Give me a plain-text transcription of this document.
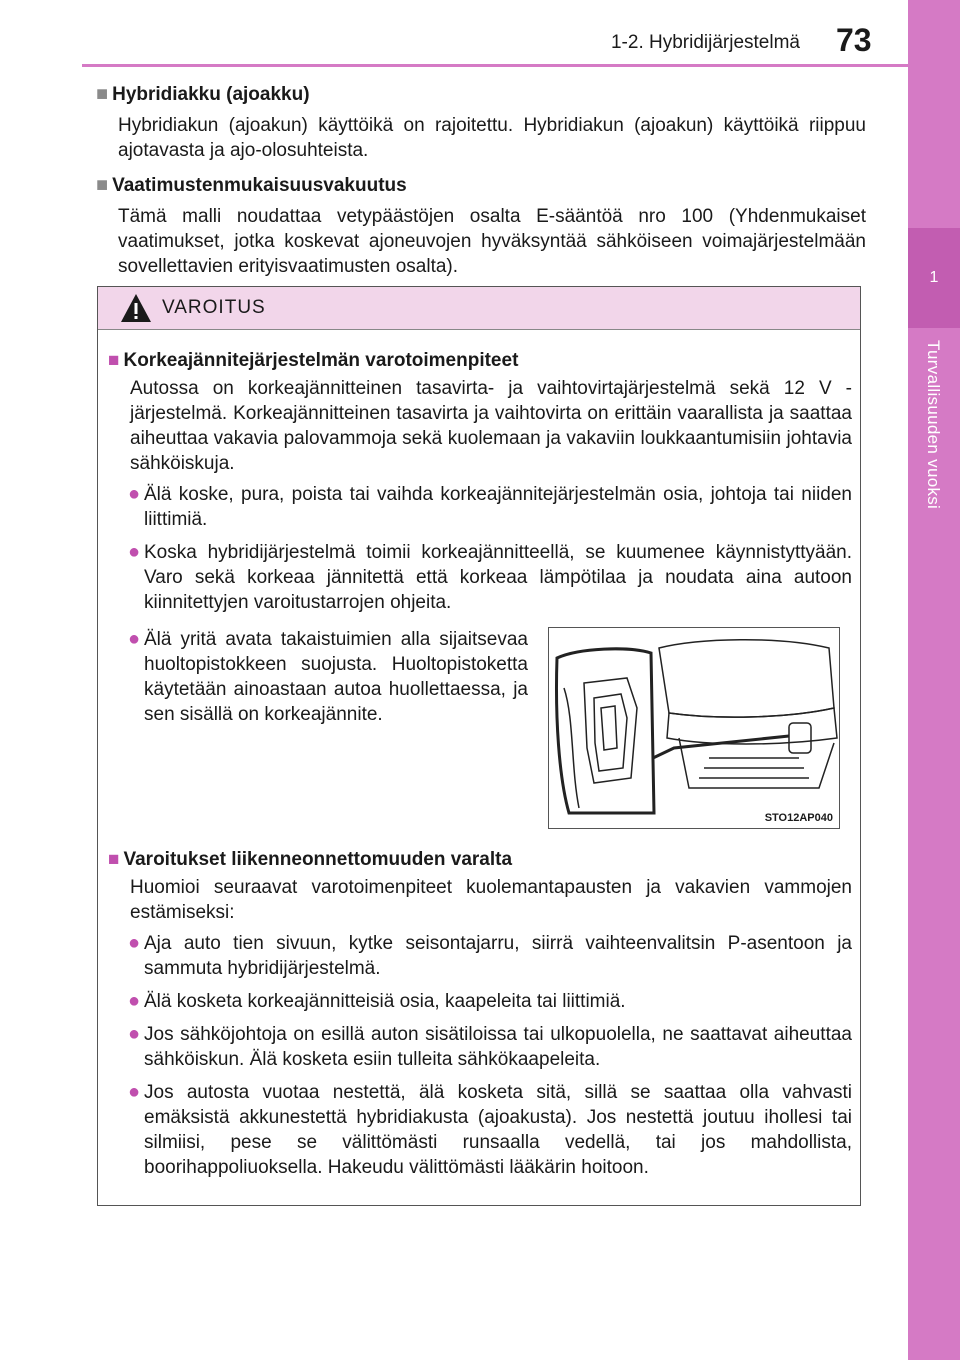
1
Turvallisuuden vuoksi
1-2. Hybridijärjestelmä 73
■ Hybridiakku (ajoakku)
Hybridiakun (ajoakun) käyttöikä on rajoitettu. Hybridiakun (ajoakun) käyttöikä riippuu ajotavasta ja ajo-olosuhteista.
■ Vaatimustenmukaisuusvakuutus
Tämä malli noudattaa vetypäästöjen osalta E-sääntöä nro 100 (Yhdenmukaiset vaatimukset, jotka koskevat ajoneuvojen hyväksyntää sähköiseen voimajärjestelmään sovellettavien erityisvaatimusten osalta).
VAROITUS
■ Korkeajännitejärjestelmän varotoimenpiteet
Autossa on korkeajännitteinen tasavirta- ja vaihtovirtajärjestelmä sekä 12 V -järjestelmä. Korkeajännitteinen tasavirta ja vaihtovirta on erittäin vaarallista ja saattaa aiheuttaa vakavia palovammoja sekä kuolemaan ja vakaviin loukkaantumisiin johtavia sähköiskuja.
● Älä koske, pura, poista tai vaihda korkeajännitejärjestelmän osia, johtoja tai niiden liittimiä.
● Koska hybridijärjestelmä toimii korkeajännitteellä, se kuumenee käynnistyttyään. Varo sekä korkeaa jännitettä että korkeaa lämpötilaa ja noudata aina autoon kiinnitettyjen varoitustarrojen ohjeita.
● Älä yritä avata takaistuimien alla sijaitsevaa huoltopistokkeen suojusta. Huoltopistoketta käytetään ainoastaan autoa huollettaessa, ja sen sisällä on korkeajännite.
STO12AP040
■ Varoitukset liikenneonnettomuuden varalta
Huomioi seuraavat varotoimenpiteet kuolemantapausten ja vakavien vammojen estämiseksi:
● Aja auto tien sivuun, kytke seisontajarru, siirrä vaihteenvalitsin P-asentoon ja sammuta hybridijärjestelmä.
● Älä kosketa korkeajännitteisiä osia, kaapeleita tai liittimiä.
● Jos sähköjohtoja on esillä auton sisätiloissa tai ulkopuolella, ne saattavat aiheuttaa sähköiskun. Älä kosketa esiin tulleita sähkökaapeleita.
● Jos autosta vuotaa nestettä, älä kosketa sitä, sillä se saattaa olla vahvasti emäksistä akkunestettä hybridiakusta (ajoakusta). Jos nestettä joutuu ihollesi tai silmiisi, pese se välittömästi runsaalla vedellä, tai jos mahdollista, boorihappoliuoksella. Hakeudu välittömästi lääkärin hoitoon.
